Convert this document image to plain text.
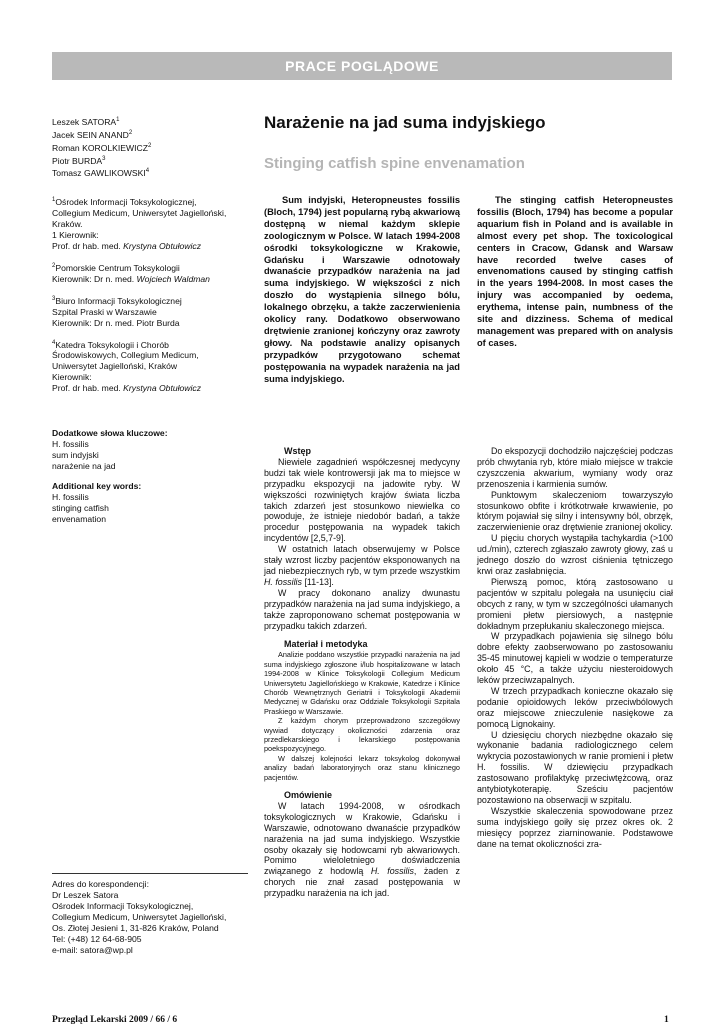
PRACE POGLĄDOWE

Leszek SATORA$^1$

Jacek SEIN ANAND$^2$

Roman KOROLKIEWICZ$^2$

Piotr BURDA$^3$

Tomasz GAWLIKOWSKI$^4$

$^1$Ośrodek Informacji Toksykologicznej,

Collegium Medicum, Uniwersytet Jagielloński,

Kraków.

1 Kierownik:

Prof. dr hab. med. Krystyna Obtułowicz

$^2$Pomorskie Centrum Toksykologii

Kierownik: Dr n. med. Wojciech Waldman

$^3$Biuro Informacji Toksykologicznej

Szpital Praski w Warszawie

Kierownik: Dr n. med. Piotr Burda

$^4$Katedra Toksykologii i Chorób

Środowiskowych, Collegium Medicum,

Uniwersytet Jagielloński, Kraków

Kierownik:

Prof. dr hab. med. Krystyna Obtułowicz

Dodatkowe słowa kluczowe:

H. fossilis

sum indyjski

narażenie na jad

Additional key words:

H. fossilis

stinging catfish

envenamation

Adres do korespondencji:

Dr Leszek Satora

Ośrodek Informacji Toksykologicznej,

Collegium Medicum, Uniwersytet Jagielloński,

Os. Złotej Jesieni 1, 31-826 Kraków, Poland

Tel: (+48) 12 64-68-905

e-mail: satora@wp.pl

Narażenie na jad suma indyjskiego
Stinging catfish spine envenamation

Sum indyjski, Heteropneustes fossilis (Bloch, 1794) jest popularną rybą akwariową dostępną w niemal każdym sklepie zoologicznym w Polsce. W latach 1994-2008 ośrodki toksykologiczne w Krakowie, Gdańsku i Warszawie odnotowały dwanaście przypadków narażenia na jad suma indyjskiego. W większości z nich doszło do wystąpienia silnego bólu, lokalnego obrzęku, a także zaczerwienienia okolicy rany. Dodatkowo obserwowano drętwienie zranionej kończyny oraz zawroty głowy. Na podstawie analizy opisanych przypadków przygotowano schemat postępowania na wypadek narażenia na jad suma indyjskiego.

The stinging catfish Heteropneustes fossilis (Bloch, 1794) has become a popular aquarium fish in Poland and is available in almost every pet shop. The toxicological centers in Cracow, Gdansk and Warsaw have recorded twelve cases of envenomations caused by stinging catfish in the years 1994-2008. In most cases the injury was accompanied by oedema, erythema, intense pain, numbness of the site and dizziness. Schema of medical management was prepared with on analysis of cases.

Wstęp

Niewiele zagadnień współczesnej medycyny budzi tak wiele kontrowersji jak ma to miejsce w przypadku ekspozycji na jadowite ryby. W większości rozwiniętych krajów świata liczba takich zdarzeń jest stosunkowo niewielka co powoduje, że istnieje niedobór badań, a także procedur postępowania na wypadek takich incydentów [2,5,7-9].

W ostatnich latach obserwujemy w Polsce stały wzrost liczby pacjentów eksponowanych na jad niebezpiecznych ryb, w tym przede wszystkim H. fossilis [11-13].

W pracy dokonano analizy dwunastu przypadków narażenia na jad suma indyjskiego, a także zaproponowano schemat postępowania w przypadku takich zdarzeń.

Materiał i metodyka

Analizie poddano wszystkie przypadki narażenia na jad suma indyjskiego zgłoszone i/lub hospitalizowane w latach 1994-2008 w Klinice Toksykologii Collegium Medicum Uniwersytetu Jagiellońskiego w Krakowie, Katedrze i Klinice Chorób Wewnętrznych Geriatrii i Toksykologii Akademii Medycznej w Gdańsku oraz Oddziale Toksykologii Szpitala Praskiego w Warszawie.

Z każdym chorym przeprowadzono szczegółowy wywiad dotyczący okoliczności zdarzenia oraz przedlekarskiego i lekarskiego postępowania poekspozycyjnego.

W dalszej kolejności lekarz toksykolog dokonywał analizy badań laboratoryjnych oraz stanu klinicznego pacjentów.

Omówienie

W latach 1994-2008, w ośrodkach toksykologicznych w Krakowie, Gdańsku i Warszawie, odnotowano dwanaście przypadków narażenia na jad suma indyjskiego. Wszystkie osoby okazały się hodowcami ryb akwariowych. Pomimo wieloletniego doświadczenia związanego z hodowlą H. fossilis, żaden z chorych nie znał zasad postępowania w przypadku narażenia na ich jad.

Do ekspozycji dochodziło najczęściej podczas prób chwytania ryb, które miało miejsce w trakcie czyszczenia akwarium, wymiany wody oraz przenoszenia i karmienia sumów.

Punktowym skaleczeniom towarzyszyło stosunkowo obfite i krótkotrwałe krwawienie, po którym pojawiał się silny i intensywny ból, obrzęk, zaczerwienienie oraz drętwienie zranionej okolicy.

U pięciu chorych wystąpiła tachykardia (>100 ud./min), czterech zgłaszało zawroty głowy, zaś u jednego doszło do wzrost ciśnienia tętniczego krwi oraz zasłabnięcia.

Pierwszą pomoc, którą zastosowano u pacjentów w szpitalu polegała na usunięciu ciał obcych z rany, w tym w szczególności ułamanych promieni płetw piersiowych, a następnie dokładnym przepłukaniu skaleczonego miejsca.

W przypadkach pojawienia się silnego bólu dobre efekty zaobserwowano po zastosowaniu 35-45 minutowej kąpieli w wodzie o temperaturze około 45 °C, a także użyciu niesteroidowych leków przeciwzapalnych.

W trzech przypadkach konieczne okazało się podanie opioidowych leków przeciwbólowych oraz miejscowe znieczulenie nasiękowe za pomocą Lignokainy.

U dziesięciu chorych niezbędne okazało się wykonanie badania radiologicznego celem wykrycia pozostawionych w ranie promieni i płetw H. fossilis. W dziewięciu przypadkach zastosowano profilaktykę przeciwtężcową, oraz antybiotykoterapię. Sześciu pacjentów pozostawiono na obserwacji w szpitalu.

Wszystkie skaleczenia spowodowane przez suma indyjskiego goiły się przez okres ok. 2 miesięcy poprzez ziarninowanie. Podstawowe dane na temat okoliczności zra-

Przegląd Lekarski 2009 / 66 / 6	1
